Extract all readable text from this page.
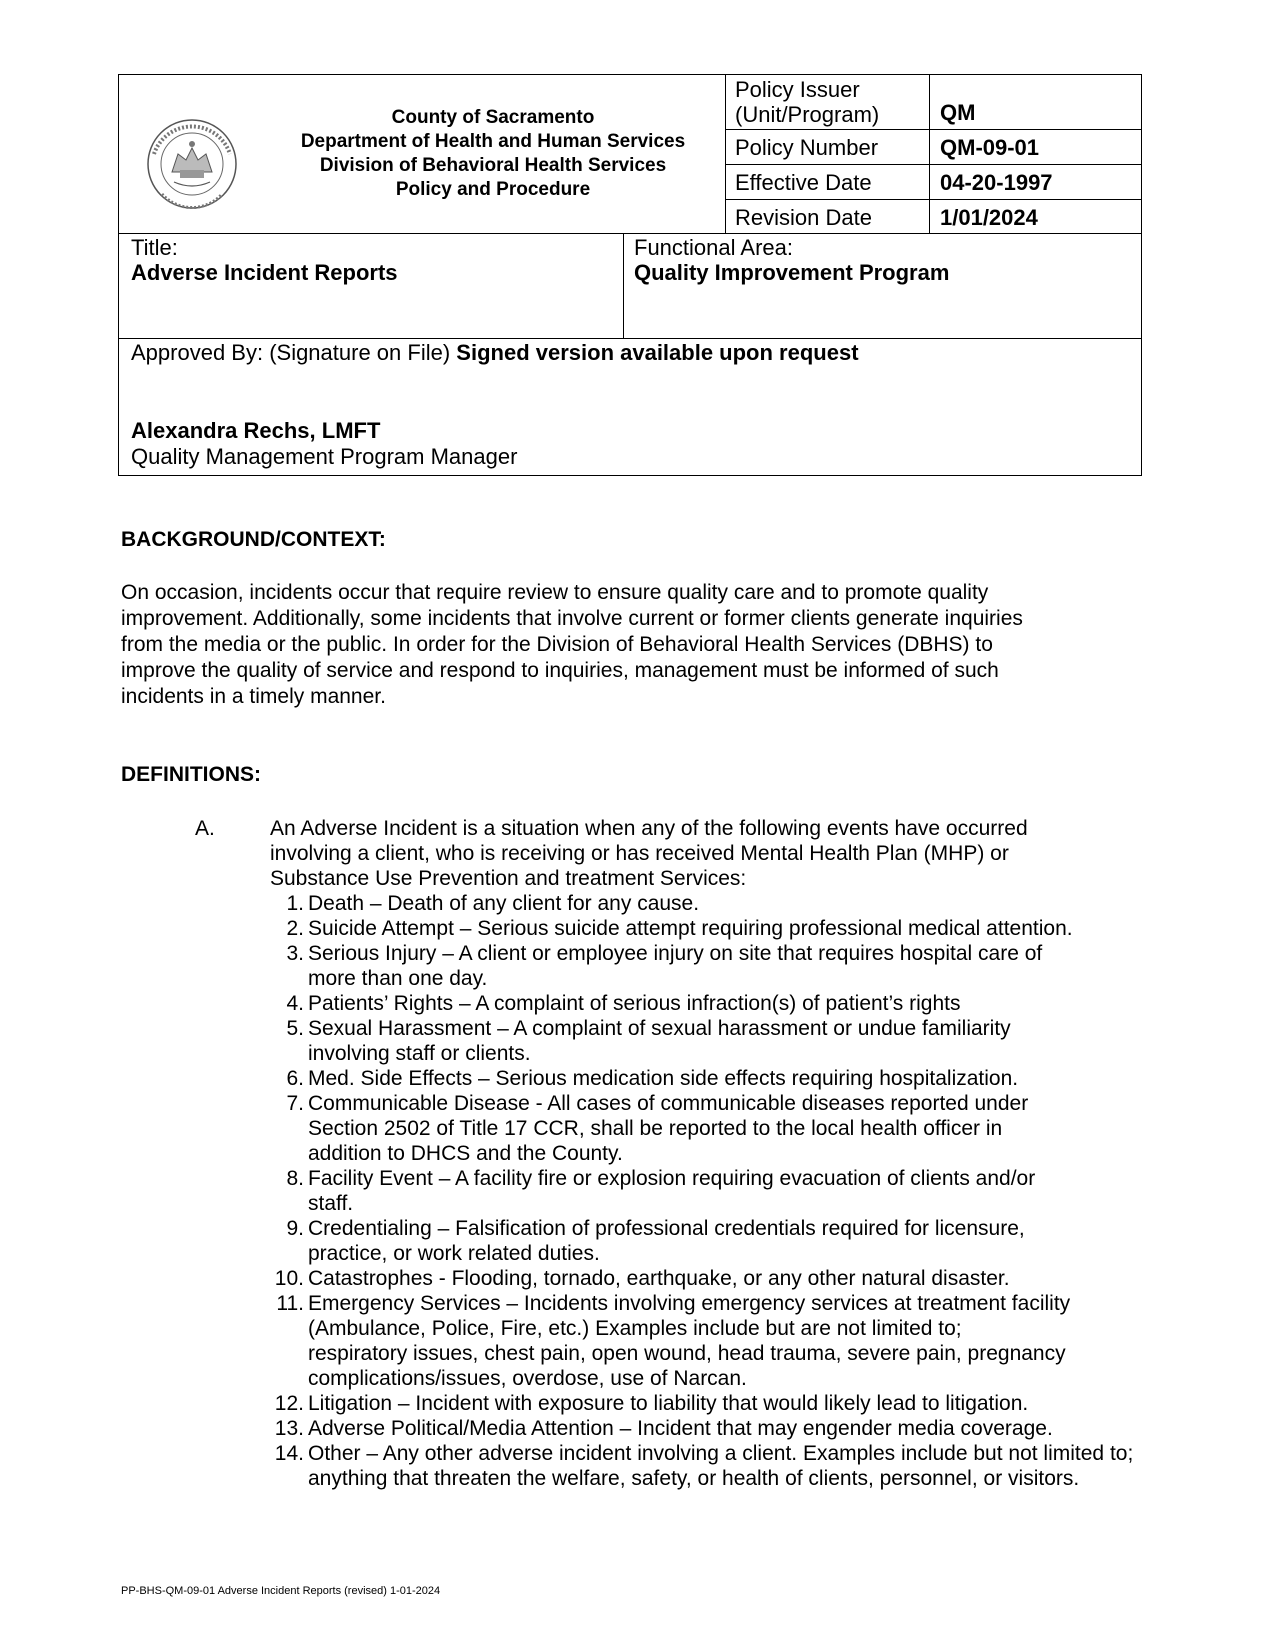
County of Sacramento
Department of Health and Human Services
Division of Behavioral Health Services
Policy and Procedure
Policy Issuer
(Unit/Program)	QM
Policy Number	QM-09-01
Effective Date	04-20-1997
Revision Date	1/01/2024
Title:
Adverse Incident Reports
Functional Area:
Quality Improvement Program
Approved By: (Signature on File) Signed version available upon request
Alexandra Rechs, LMFT
Quality Management Program Manager
BACKGROUND/CONTEXT:
On occasion, incidents occur that require review to ensure quality care and to promote quality
improvement. Additionally, some incidents that involve current or former clients generate inquiries
from the media or the public. In order for the Division of Behavioral Health Services (DBHS) to
improve the quality of service and respond to inquiries, management must be informed of such
incidents in a timely manner.
DEFINITIONS:
A.	An Adverse Incident is a situation when any of the following events have occurred
involving a client, who is receiving or has received Mental Health Plan (MHP) or
Substance Use Prevention and treatment Services:
1. Death – Death of any client for any cause.
2. Suicide Attempt – Serious suicide attempt requiring professional medical attention.
3. Serious Injury – A client or employee injury on site that requires hospital care of
more than one day.
4. Patients’ Rights – A complaint of serious infraction(s) of patient’s rights
5. Sexual Harassment – A complaint of sexual harassment or undue familiarity
involving staff or clients.
6. Med. Side Effects – Serious medication side effects requiring hospitalization.
7. Communicable Disease - All cases of communicable diseases reported under
Section 2502 of Title 17 CCR, shall be reported to the local health officer in
addition to DHCS and the County.
8. Facility Event – A facility fire or explosion requiring evacuation of clients and/or
staff.
9. Credentialing – Falsification of professional credentials required for licensure,
practice, or work related duties.
10. Catastrophes - Flooding, tornado, earthquake, or any other natural disaster.
11. Emergency Services – Incidents involving emergency services at treatment facility
(Ambulance, Police, Fire, etc.) Examples include but are not limited to;
respiratory issues, chest pain, open wound, head trauma, severe pain, pregnancy
complications/issues, overdose, use of Narcan.
12. Litigation – Incident with exposure to liability that would likely lead to litigation.
13. Adverse Political/Media Attention – Incident that may engender media coverage.
14. Other – Any other adverse incident involving a client. Examples include but not limited to;
anything that threaten the welfare, safety, or health of clients, personnel, or visitors.
PP-BHS-QM-09-01 Adverse Incident Reports (revised) 1-01-2024
